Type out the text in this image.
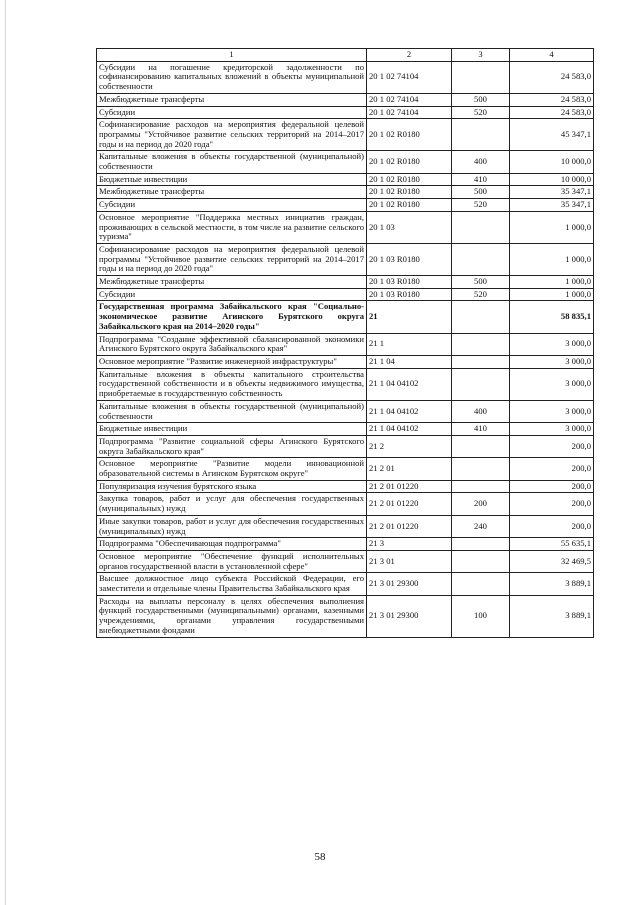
1	2	3	4
Субсидии на погашение кредиторской задолженности по софинансированию капитальных вложений в объекты муниципальной собственности	20 1 02 74104		24 583,0
Межбюджетные трансферты	20 1 02 74104	500	24 583,0
Субсидии	20 1 02 74104	520	24 583,0
Софинансирование расходов на мероприятия федеральной целевой программы "Устойчивое развитие сельских территорий на 2014–2017 годы и на период до 2020 года"	20 1 02 R0180		45 347,1
Капитальные вложения в объекты государственной (муниципальной) собственности	20 1 02 R0180	400	10 000,0
Бюджетные инвестиции	20 1 02 R0180	410	10 000,0
Межбюджетные трансферты	20 1 02 R0180	500	35 347,1
Субсидии	20 1 02 R0180	520	35 347,1
Основное мероприятие "Поддержка местных инициатив граждан, проживающих в сельской местности, в том числе на развитие сельского туризма"	20 1 03		1 000,0
Софинансирование расходов на мероприятия федеральной целевой программы "Устойчивое развитие сельских территорий на 2014–2017 годы и на период до 2020 года"	20 1 03 R0180		1 000,0
Межбюджетные трансферты	20 1 03 R0180	500	1 000,0
Субсидии	20 1 03 R0180	520	1 000,0
Государственная программа Забайкальского края "Социально-экономическое развитие Агинского Бурятского округа Забайкальского края на 2014–2020 годы"	21		58 835,1
Подпрограмма "Создание эффективной сбалансированной экономики Агинского Бурятского округа Забайкальского края"	21 1		3 000,0
Основное мероприятие "Развитие инженерной инфраструктуры"	21 1 04		3 000,0
Капитальные вложения в объекты капитального строительства государственной собственности и в объекты недвижимого имущества, приобретаемые в государственную собственность	21 1 04 04102		3 000,0
Капитальные вложения в объекты государственной (муниципальной) собственности	21 1 04 04102	400	3 000,0
Бюджетные инвестиции	21 1 04 04102	410	3 000,0
Подпрограмма "Развитие социальной сферы Агинского Бурятского округа Забайкальского края"	21 2		200,0
Основное мероприятие "Развитие модели инновационной образовательной системы в Агинском Бурятском округе"	21 2 01		200,0
Популяризация изучения бурятского языка	21 2 01 01220		200,0
Закупка товаров, работ и услуг для обеспечения государственных (муниципальных) нужд	21 2 01 01220	200	200,0
Иные закупки товаров, работ и услуг для обеспечения государственных (муниципальных) нужд	21 2 01 01220	240	200,0
Подпрограмма "Обеспечивающая подпрограмма"	21 3		55 635,1
Основное мероприятие "Обеспечение функций исполнительных органов государственной власти в установленной сфере"	21 3 01		32 469,5
Высшее должностное лицо субъекта Российской Федерации, его заместители и отдельные члены Правительства Забайкальского края	21 3 01 29300		3 889,1
Расходы на выплаты персоналу в целях обеспечения выполнения функций государственными (муниципальными) органами, казенными учреждениями, органами управления государственными внебюджетными фондами	21 3 01 29300	100	3 889,1
58
